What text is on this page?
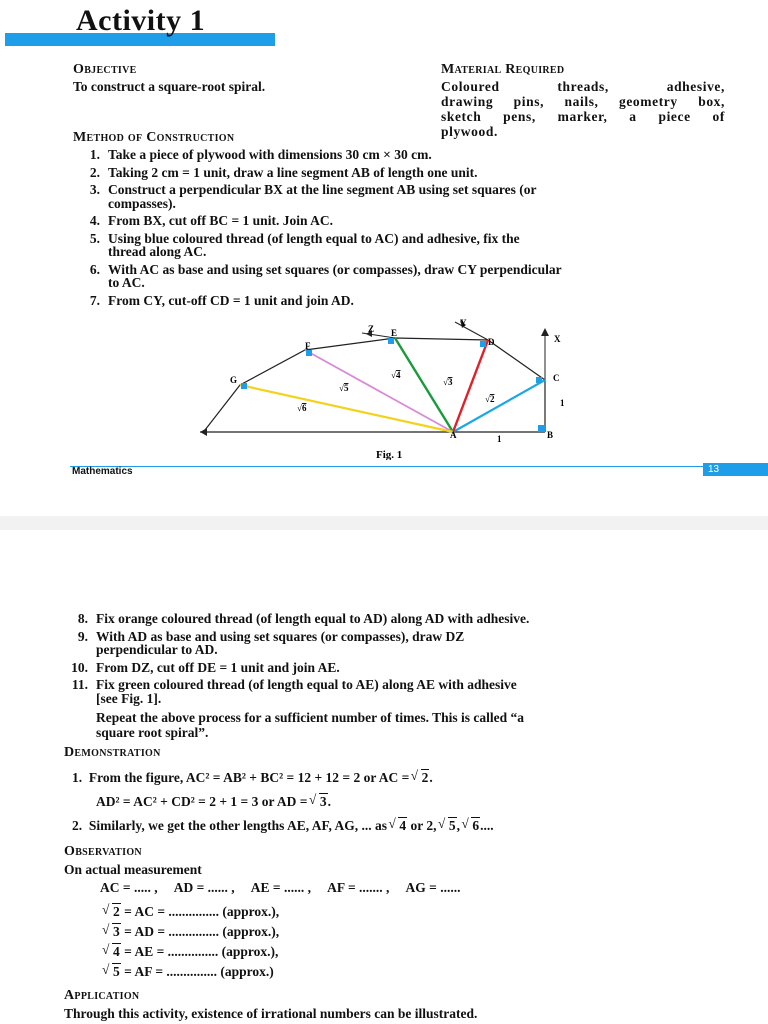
Activity 1
Objective
To construct a square-root spiral.
Material Required
Coloured threads, adhesive,
drawing pins, nails, geometry box,
sketch pens, marker, a piece of
plywood.
Method of Construction
1. Take a piece of plywood with dimensions 30 cm × 30 cm.
2. Taking 2 cm = 1 unit, draw a line segment AB of length one unit.
3. Construct a perpendicular BX at the line segment AB using set squares (or
compasses).
4. From BX, cut off BC = 1 unit. Join AC.
5. Using blue coloured thread (of length equal to AC) and adhesive, fix the
thread along AC.
6. With AC as base and using set squares (or compasses), draw CY perpendicular
to AC.
7. From CY, cut-off CD = 1 unit and join AD.
A	B
C
D
E
F
G
X
Y
Z
1
1
√2
√3
√4
√5
√6
Fig. 1
Mathematics	13
8. Fix orange coloured thread (of length equal to AD) along AD with adhesive.
9. With AD as base and using set squares (or compasses), draw DZ
perpendicular to AD.
10. From DZ, cut off DE = 1 unit and join AE.
11. Fix green coloured thread (of length equal to AE) along AE with adhesive
[see Fig. 1].
Repeat the above process for a sufficient number of times. This is called “a
square root spiral”.
Demonstration
1. From the figure, AC² = AB² + BC² = 12 + 12 = 2 or AC = √ 2.
AD² = AC² + CD² = 2 + 1 = 3 or AD = √ 3.
2. Similarly, we get the other lengths AE, AF, AG, ... as √ 4 or 2, √ 5, √ 6....
Observation
On actual measurement
AC = ..... ,     AD = ...... ,     AE = ...... ,     AF = ....... ,     AG = ......
√ 2 = AC = ............... (approx.),
√ 3 = AD = ............... (approx.),
√ 4 = AE = ............... (approx.),
√ 5 = AF = ............... (approx.)
Application
Through this activity, existence of irrational numbers can be illustrated.
